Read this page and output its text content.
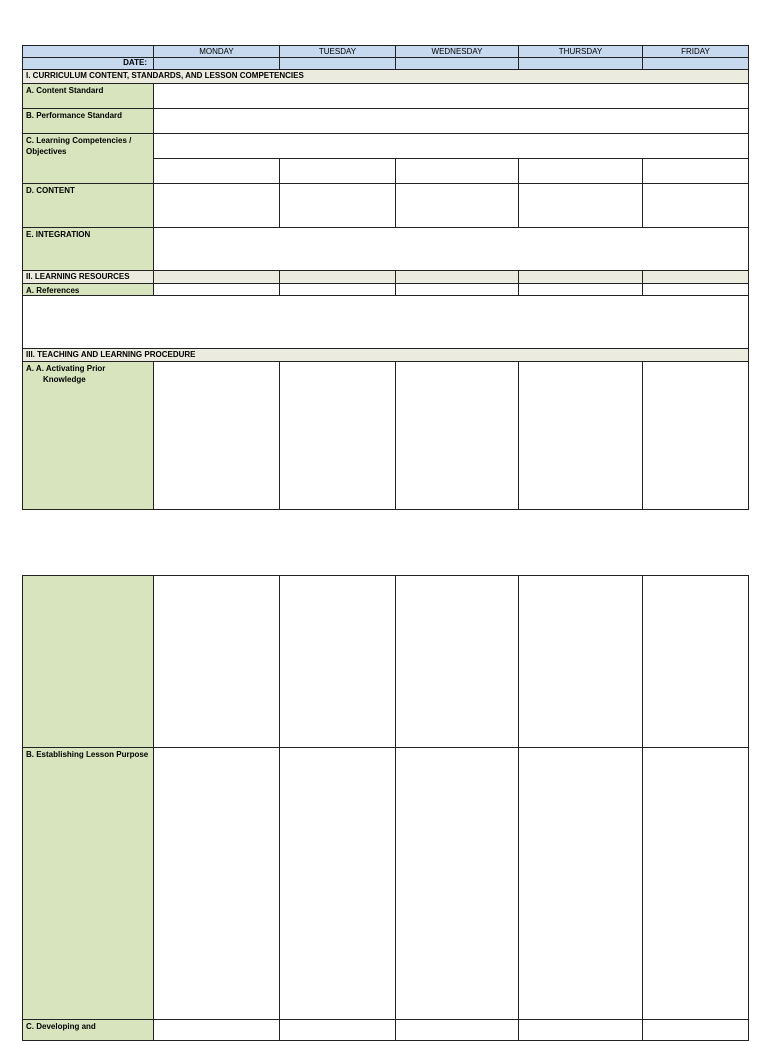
MONDAY	TUESDAY	WEDNESDAY	THURSDAY	FRIDAY
DATE:
I. CURRICULUM CONTENT, STANDARDS, AND LESSON COMPETENCIES
A. Content Standard
B. Performance Standard
C. Learning Competencies / Objectives
D. CONTENT
E. INTEGRATION
II. LEARNING RESOURCES
A. References
III. TEACHING AND LEARNING PROCEDURE
A. A. Activating Prior Knowledge
B. Establishing Lesson Purpose
C. Developing and
